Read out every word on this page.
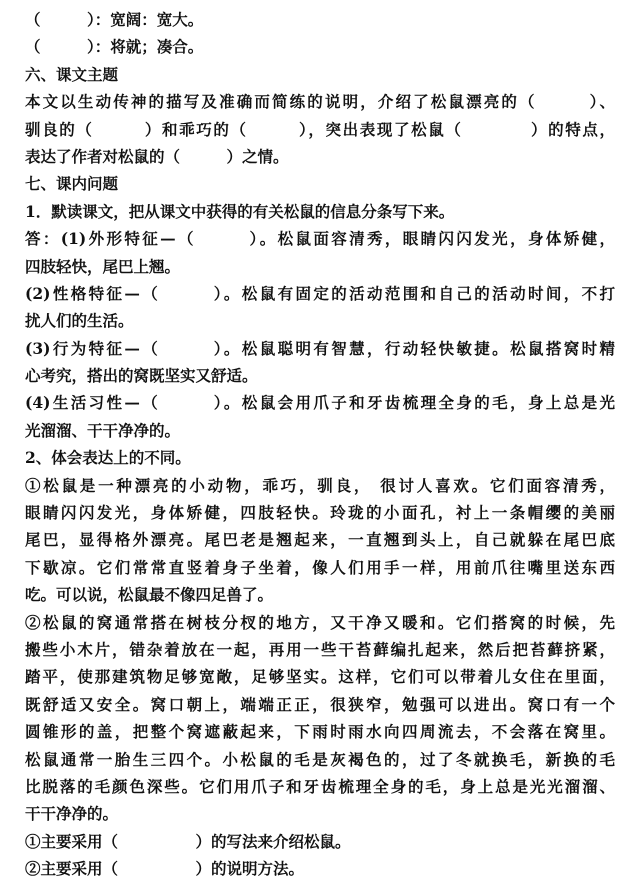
（　　　）：宽阔：宽大。
（　　　）：将就；凑合。
六、课文主题
本文以生动传神的描写及准确而简练的说明，介绍了松鼠漂亮的（　　　）、
驯良的（　　　）和乖巧的（　　　），突出表现了松鼠（　　　　）的特点，
表达了作者对松鼠的（　　　）之情。
七、课内问题
1．默读课文，把从课文中获得的有关松鼠的信息分条写下来。
答：(1)外形特征—（　　　）。松鼠面容清秀，眼睛闪闪发光，身体矫健，
四肢轻快，尾巴上翘。
(2)性格特征—（　　　）。松鼠有固定的活动范围和自己的活动时间，不打
扰人们的生活。
(3)行为特征—（　　　）。松鼠聪明有智慧，行动轻快敏捷。松鼠搭窝时精
心考究，搭出的窝既坚实又舒适。
(4)生活习性—（　　　）。松鼠会用爪子和牙齿梳理全身的毛，身上总是光
光溜溜、干干净净的。
2、体会表达上的不同。
①松鼠是一种漂亮的小动物，乖巧，驯良， 很讨人喜欢。它们面容清秀，
眼睛闪闪发光，身体矫健，四肢轻快。玲珑的小面孔，衬上一条帽缨的美丽
尾巴，显得格外漂亮。尾巴老是翘起来，一直翘到头上，自己就躲在尾巴底
下歇凉。它们常常直竖着身子坐着，像人们用手一样，用前爪往嘴里送东西
吃。可以说，松鼠最不像四足兽了。
②松鼠的窝通常搭在树枝分杈的地方，又干净又暖和。它们搭窝的时候，先
搬些小木片，错杂着放在一起，再用一些干苔藓编扎起来，然后把苔藓挤紧，
踏平，使那建筑物足够宽敞，足够坚实。这样，它们可以带着儿女住在里面，
既舒适又安全。窝口朝上，端端正正，很狭窄，勉强可以进出。窝口有一个
圆锥形的盖，把整个窝遮蔽起来，下雨时雨水向四周流去，不会落在窝里。
松鼠通常一胎生三四个。小松鼠的毛是灰褐色的，过了冬就换毛，新换的毛
比脱落的毛颜色深些。它们用爪子和牙齿梳理全身的毛，身上总是光光溜溜、
干干净净的。
①主要采用（　　　　　）的写法来介绍松鼠。
②主要采用（　　　　　）的说明方法。
